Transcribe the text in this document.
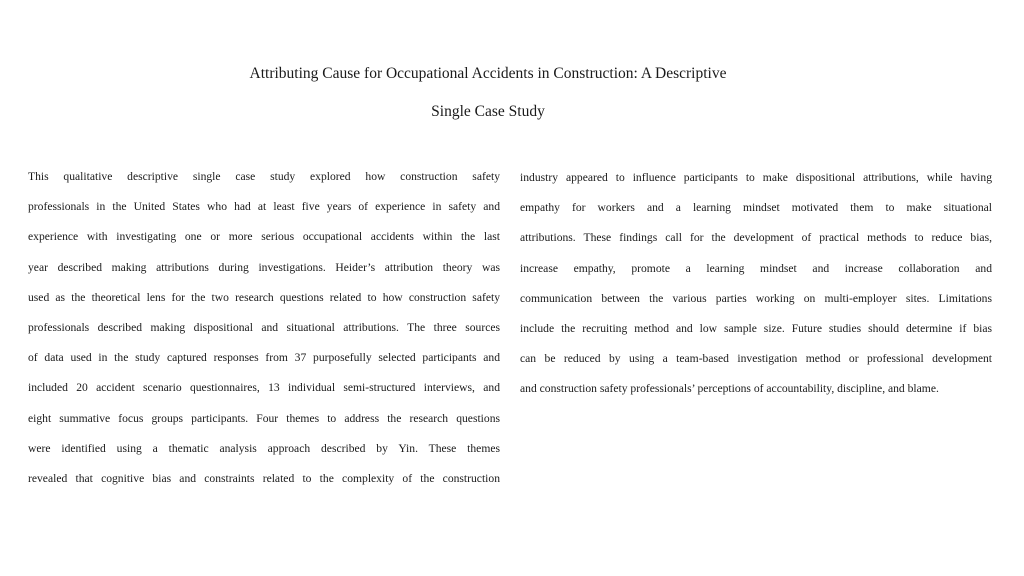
Attributing Cause for Occupational Accidents in Construction: A Descriptive
Single Case Study
This qualitative descriptive single case study explored how construction safety
professionals in the United States who had at least five years of experience in safety and
experience with investigating one or more serious occupational accidents within the last
year described making attributions during investigations. Heider’s attribution theory was
used as the theoretical lens for the two research questions related to how construction safety
professionals described making dispositional and situational attributions. The three sources
of data used in the study captured responses from 37 purposefully selected participants and
included 20 accident scenario questionnaires, 13 individual semi-structured interviews, and
eight summative focus groups participants. Four themes to address the research questions
were identified using a thematic analysis approach described by Yin. These themes
revealed that cognitive bias and constraints related to the complexity of the construction
industry appeared to influence participants to make dispositional attributions, while having
empathy for workers and a learning mindset motivated them to make situational
attributions. These findings call for the development of practical methods to reduce bias,
increase empathy, promote a learning mindset and increase collaboration and
communication between the various parties working on multi-employer sites. Limitations
include the recruiting method and low sample size. Future studies should determine if bias
can be reduced by using a team-based investigation method or professional development
and construction safety professionals’ perceptions of accountability, discipline, and blame.
